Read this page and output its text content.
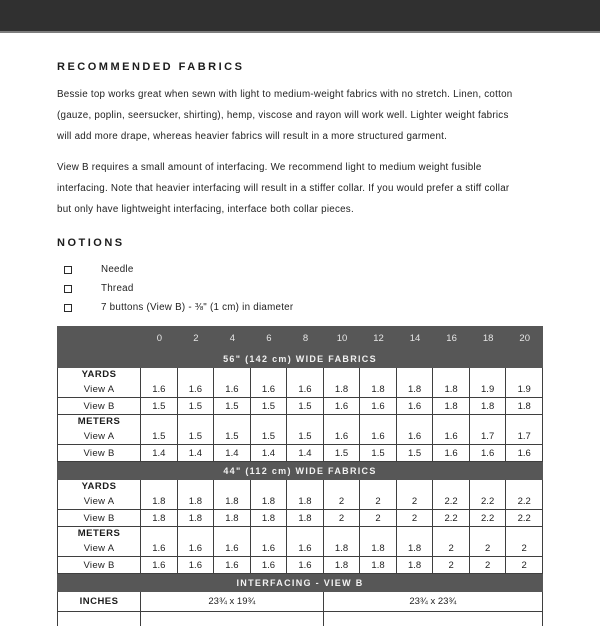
RECOMMENDED FABRICS
Bessie top works great when sewn with light to medium-weight fabrics with no stretch. Linen, cotton
(gauze, poplin, seersucker, shirting), hemp, viscose and rayon will work well. Lighter weight fabrics
will add more drape, whereas heavier fabrics will result in a more structured garment.
View B requires a small amount of interfacing. We recommend light to medium weight fusible
interfacing. Note that heavier interfacing will result in a stiffer collar. If you would prefer a stiff collar
but only have lightweight interfacing, interface both collar pieces.
NOTIONS
Needle
Thread
7 buttons (View B) - ⅜" (1 cm) in diameter
	0	2	4	6	8	10	12	14	16	18	20
56" (142 cm) WIDE FABRICS											
YARDS											
View A	1.6	1.6	1.6	1.6	1.6	1.8	1.8	1.8	1.8	1.9	1.9
View B	1.5	1.5	1.5	1.5	1.5	1.6	1.6	1.6	1.8	1.8	1.8
METERS											
View A	1.5	1.5	1.5	1.5	1.5	1.6	1.6	1.6	1.6	1.7	1.7
View B	1.4	1.4	1.4	1.4	1.4	1.5	1.5	1.5	1.6	1.6	1.6
44" (112 cm) WIDE FABRICS											
YARDS											
View A	1.8	1.8	1.8	1.8	1.8	2	2	2	2.2	2.2	2.2
View B	1.8	1.8	1.8	1.8	1.8	2	2	2	2.2	2.2	2.2
METERS											
View A	1.6	1.6	1.6	1.6	1.6	1.8	1.8	1.8	2	2	2
View B	1.6	1.6	1.6	1.6	1.6	1.8	1.8	1.8	2	2	2
INTERFACING - VIEW B											
INCHES	23¾ x 19¾					23¾ x 23¾					
